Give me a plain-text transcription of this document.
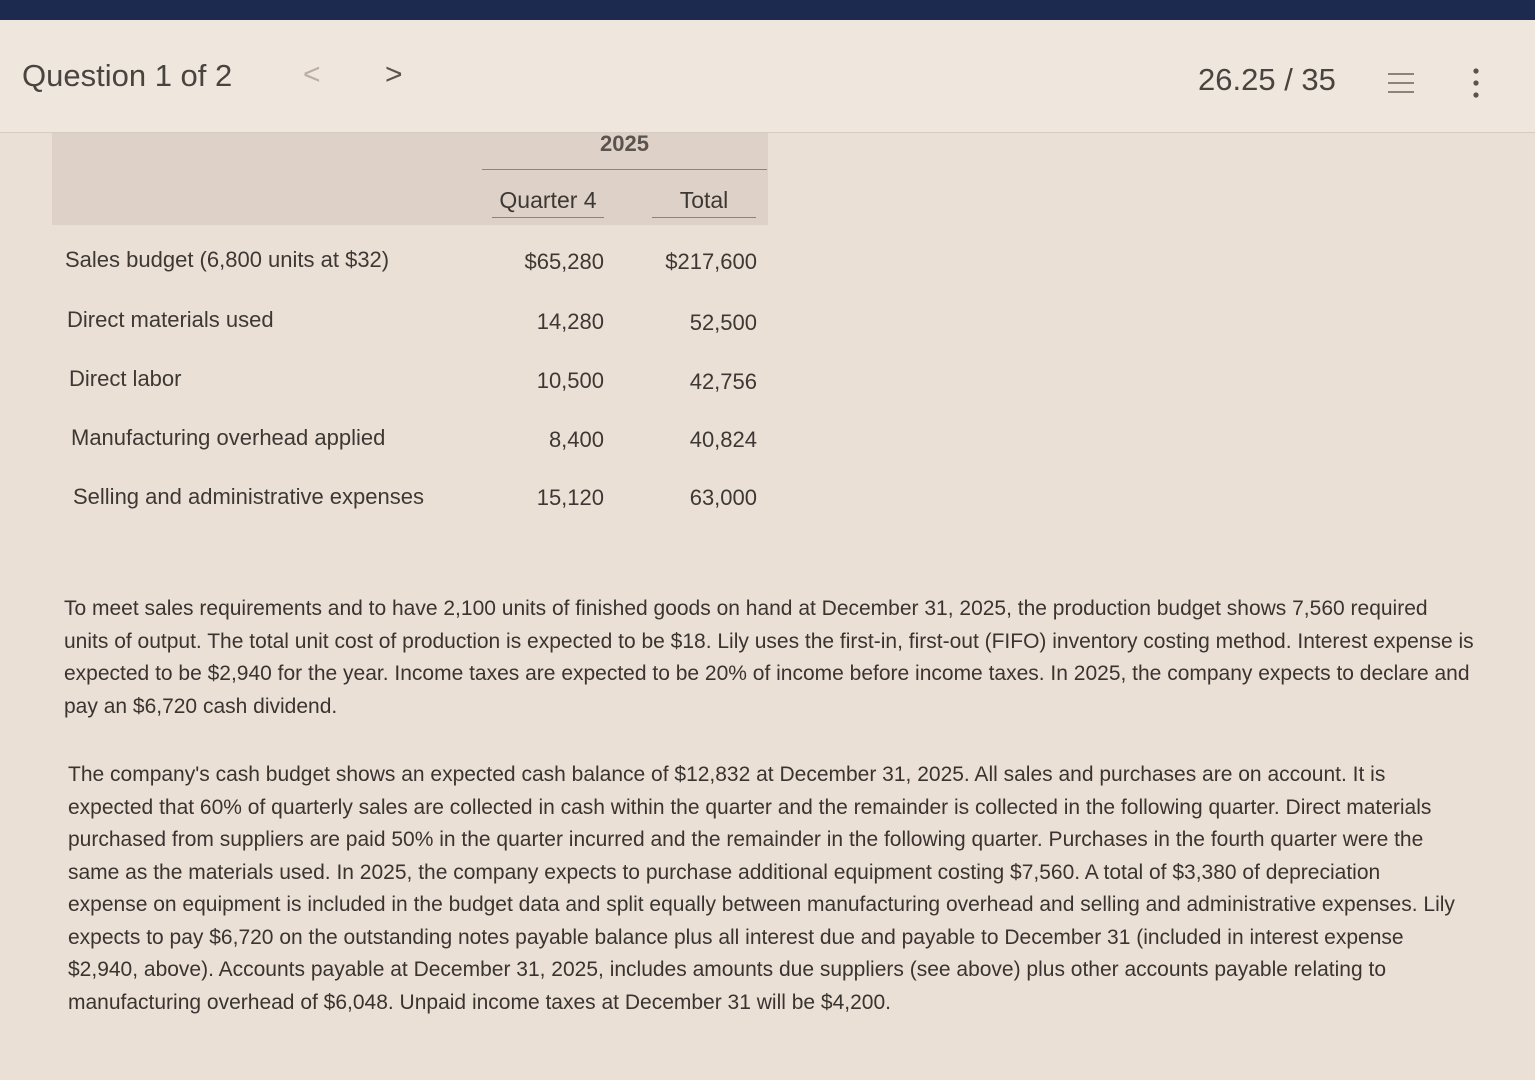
Question 1 of 2 < >	26.25 / 35
2025
Quarter 4	Total
Sales budget (6,800 units at $32)	$65,280	$217,600
Direct materials used	14,280	52,500
Direct labor	10,500	42,756
Manufacturing overhead applied	8,400	40,824
Selling and administrative expenses	15,120	63,000

To meet sales requirements and to have 2,100 units of finished goods on hand at December 31, 2025, the production budget shows 7,560 required units of output. The total unit cost of production is expected to be $18. Lily uses the first-in, first-out (FIFO) inventory costing method. Interest expense is expected to be $2,940 for the year. Income taxes are expected to be 20% of income before income taxes. In 2025, the company expects to declare and pay an $6,720 cash dividend.

The company's cash budget shows an expected cash balance of $12,832 at December 31, 2025. All sales and purchases are on account. It is expected that 60% of quarterly sales are collected in cash within the quarter and the remainder is collected in the following quarter. Direct materials purchased from suppliers are paid 50% in the quarter incurred and the remainder in the following quarter. Purchases in the fourth quarter were the same as the materials used. In 2025, the company expects to purchase additional equipment costing $7,560. A total of $3,380 of depreciation expense on equipment is included in the budget data and split equally between manufacturing overhead and selling and administrative expenses. Lily expects to pay $6,720 on the outstanding notes payable balance plus all interest due and payable to December 31 (included in interest expense $2,940, above). Accounts payable at December 31, 2025, includes amounts due suppliers (see above) plus other accounts payable relating to manufacturing overhead of $6,048. Unpaid income taxes at December 31 will be $4,200.
